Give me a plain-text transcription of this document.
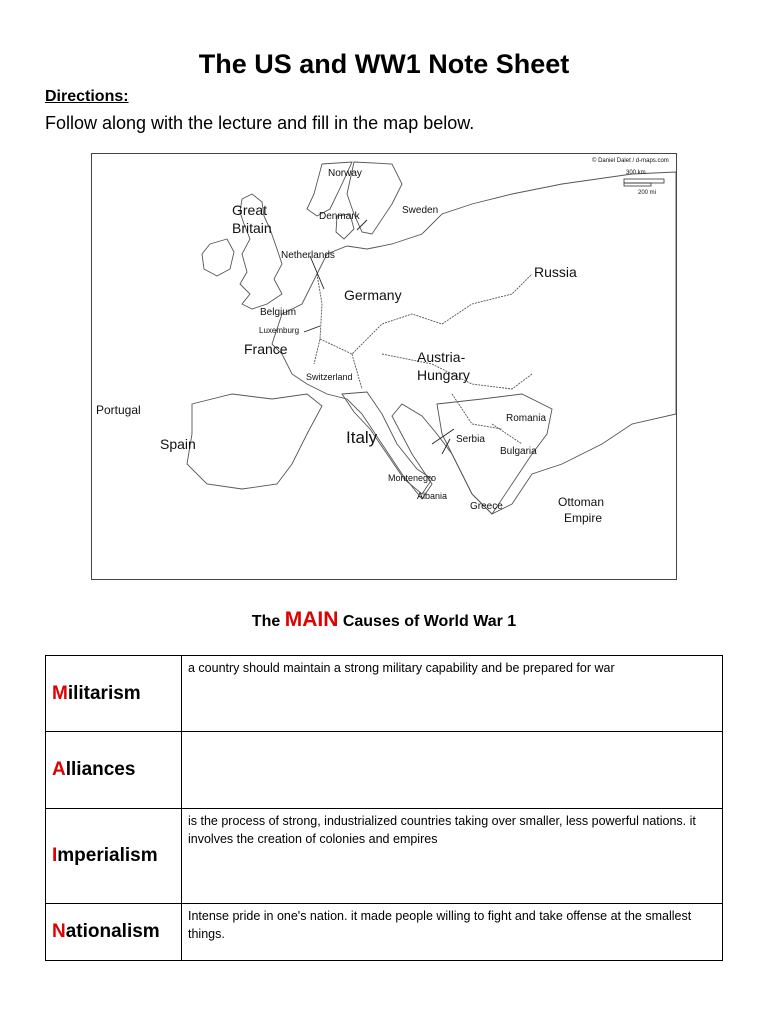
The US and WW1 Note Sheet
Directions:
Follow along with the lecture and fill in the map below.
© Daniel Dalet / d-maps.com
300 km
200 mi
Norway
Great
Britain
Denmark
Sweden
Netherlands
Russia
Germany
Belgium
Luxemburg
France	Austria-
Hungary
Switzerland
Portugal
Romania
Italy	Serbia
Spain	Bulgaria
Montenegro
Albania	Ottoman
Empire
Greece
The MAIN Causes of World War 1
Militarism	a country should maintain a strong military capability and be prepared for war
Alliances	
Imperialism	is the process of strong, industrialized countries taking over smaller, less powerful nations. it involves the creation of colonies and empires
Nationalism	Intense pride in one's nation. it made people willing to fight and take offense at the smallest things.
